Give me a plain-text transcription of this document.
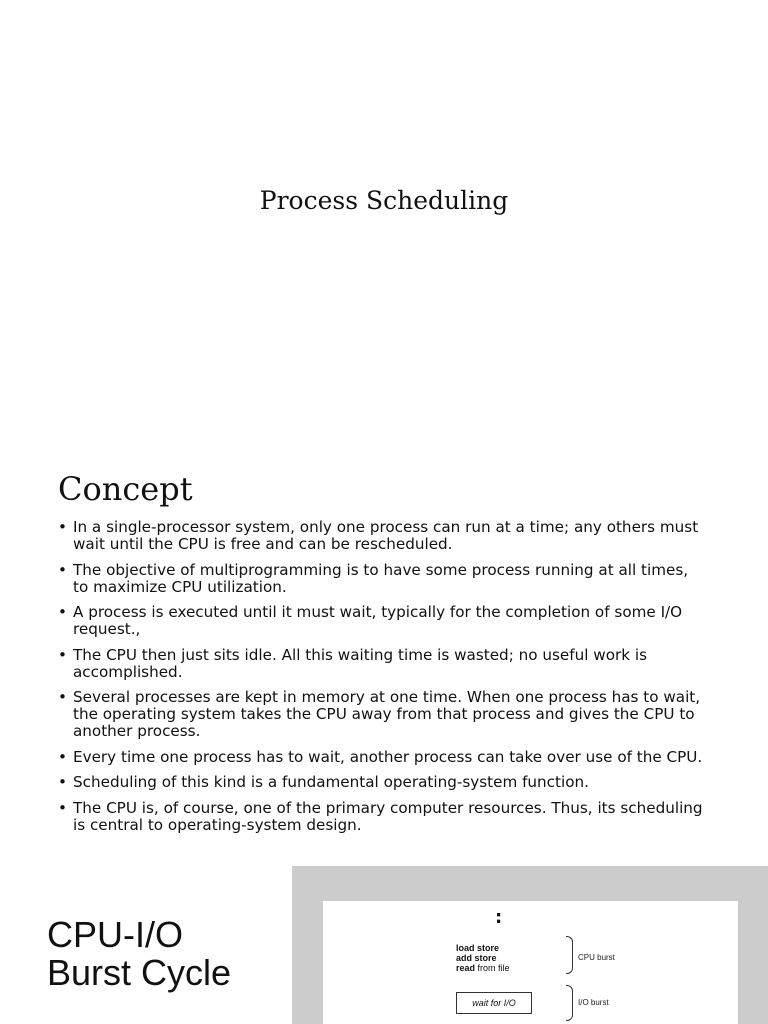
Process Scheduling
Concept
• In a single-processor system, only one process can run at a time; any others must wait until the CPU is free and can be rescheduled.
• The objective of multiprogramming is to have some process running at all times, to maximize CPU utilization.
• A process is executed until it must wait, typically for the completion of some I/O request.,
• The CPU then just sits idle. All this waiting time is wasted; no useful work is accomplished.
• Several processes are kept in memory at one time. When one process has to wait, the operating system takes the CPU away from that process and gives the CPU to another process.
• Every time one process has to wait, another process can take over use of the CPU.
• Scheduling of this kind is a fundamental operating-system function.
• The CPU is, of course, one of the primary computer resources. Thus, its scheduling is central to operating-system design.
CPU-I/O
Burst Cycle
:
load store
add store
read from file
CPU burst
wait for I/O	I/O burst
